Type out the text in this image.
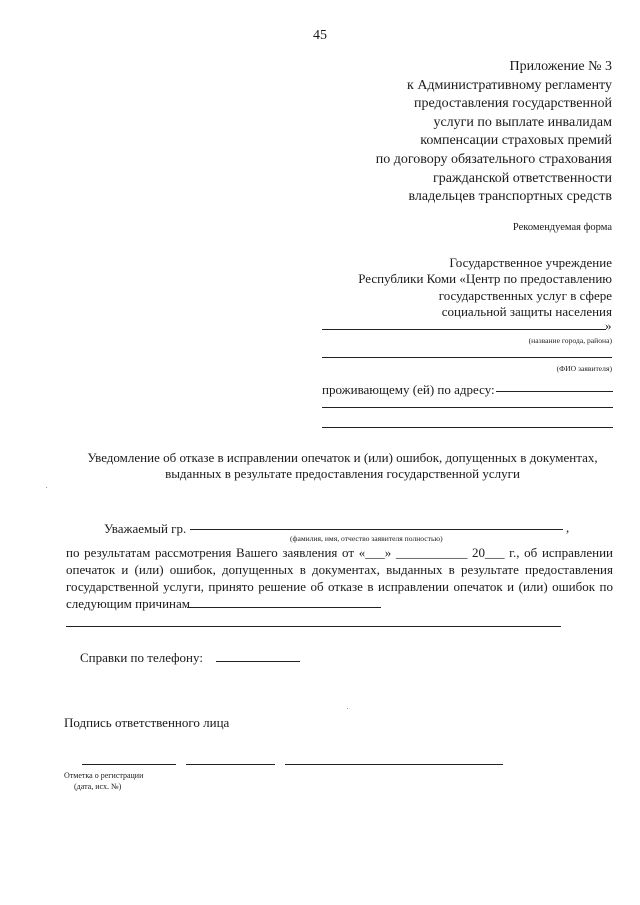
45
Приложение № 3
к Административному регламенту
предоставления государственной
услуги по выплате инвалидам
компенсации страховых премий
по договору обязательного страхования
гражданской ответственности
владельцев транспортных средств
Рекомендуемая форма
Государственное учреждение
Республики Коми «Центр по предоставлению
государственных услуг в сфере
социальной защиты населения
»
(название города, района)
(ФИО заявителя)
проживающему (ей) по адресу:
Уведомление об отказе в исправлении опечаток и (или) ошибок, допущенных в документах,
выданных в результате предоставления государственной услуги
Уважаемый гр.	,
(фамилия, имя, отчество заявителя полностью)
по результатам рассмотрения Вашего заявления от «___» ___________ 20___ г., об исправлении
опечаток и (или) ошибок, допущенных в документах, выданных в результате предоставления
государственной услуги, принято решение об отказе в исправлении опечаток и (или) ошибок по
следующим причинам
Справки по телефону:
Подпись ответственного лица
Отметка о регистрации
(дата, исх. №)
